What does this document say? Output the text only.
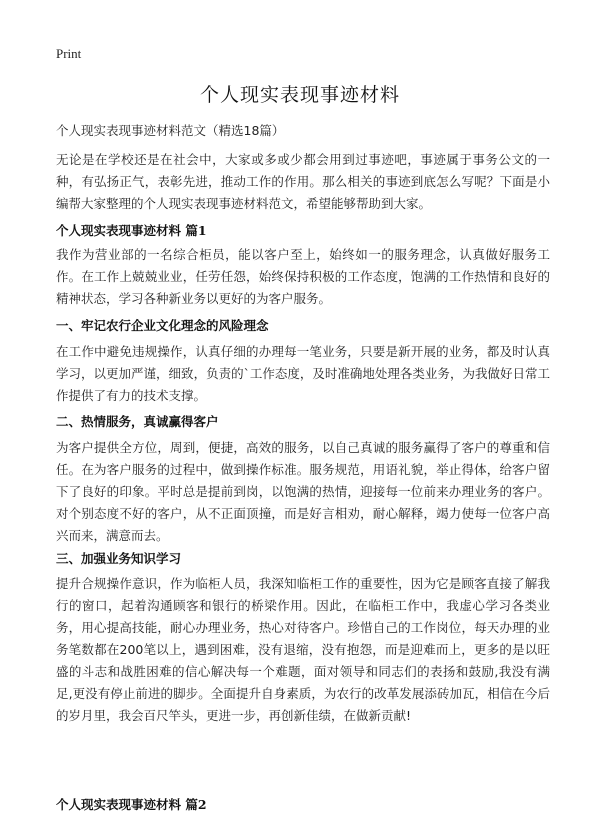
Print
个人现实表现事迹材料

个人现实表现事迹材料范文（精选18篇）

无论是在学校还是在社会中，大家或多或少都会用到过事迹吧，事迹属于事务公文的一种，有弘扬正气，表彰先进，推动工作的作用。那么相关的事迹到底怎么写呢？下面是小编帮大家整理的个人现实表现事迹材料范文，希望能够帮助到大家。

个人现实表现事迹材料 篇1

我作为营业部的一名综合柜员，能以客户至上，始终如一的服务理念，认真做好服务工作。在工作上兢兢业业，任劳任怨，始终保持积极的工作态度，饱满的工作热情和良好的精神状态，学习各种新业务以更好的为客户服务。

一、牢记农行企业文化理念的风险理念

在工作中避免违规操作，认真仔细的办理每一笔业务，只要是新开展的业务，都及时认真学习，以更加严谨，细致，负责的`工作态度，及时准确地处理各类业务，为我做好日常工作提供了有力的技术支撑。

二、热情服务，真诚赢得客户

为客户提供全方位，周到，便捷，高效的服务，以自己真诚的服务赢得了客户的尊重和信任。在为客户服务的过程中，做到操作标准。服务规范，用语礼貌，举止得体，给客户留下了良好的印象。平时总是提前到岗，以饱满的热情，迎接每一位前来办理业务的客户。对个别态度不好的客户，从不正面顶撞，而是好言相劝，耐心解释，竭力使每一位客户高兴而来，满意而去。

三、加强业务知识学习

提升合规操作意识，作为临柜人员，我深知临柜工作的重要性，因为它是顾客直接了解我行的窗口，起着沟通顾客和银行的桥梁作用。因此，在临柜工作中，我虚心学习各类业务，用心提高技能，耐心办理业务，热心对待客户。珍惜自己的工作岗位，每天办理的业务笔数都在200笔以上，遇到困难，没有退缩，没有抱怨，而是迎难而上，更多的是以旺盛的斗志和战胜困难的信心解决每一个难题，面对领导和同志们的表扬和鼓励,我没有满足,更没有停止前进的脚步。全面提升自身素质，为农行的改革发展添砖加瓦，相信在今后的岁月里，我会百尺竿头，更进一步，再创新佳绩，在做新贡献!

个人现实表现事迹材料 篇2
